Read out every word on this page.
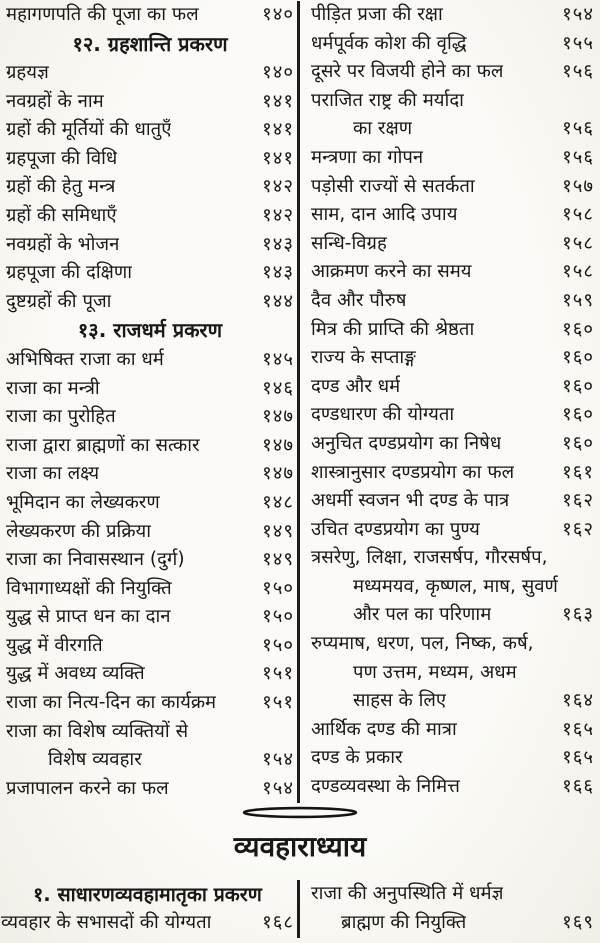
महागणपति की पूजा का फल	१४०
१२. ग्रहशान्ति प्रकरण
ग्रहयज्ञ	१४०
नवग्रहों के नाम	१४१
ग्रहों की मूर्तियों की धातुएँ	१४१
ग्रहपूजा की विधि	१४१
ग्रहों की हेतु मन्त्र	१४२
ग्रहों की समिधाएँ	१४२
नवग्रहों के भोजन	१४३
ग्रहपूजा की दक्षिणा	१४३
दुष्टग्रहों की पूजा	१४४
१३. राजधर्म प्रकरण
अभिषिक्त राजा का धर्म	१४५
राजा का मन्त्री	१४६
राजा का पुरोहित	१४७
राजा द्वारा ब्राह्मणों का सत्कार	१४७
राजा का लक्ष्य	१४७
भूमिदान का लेख्यकरण	१४८
लेख्यकरण की प्रक्रिया	१४९
राजा का निवासस्थान (दुर्ग)	१४९
विभागाध्यक्षों की नियुक्ति	१५०
युद्ध से प्राप्त धन का दान	१५०
युद्ध में वीरगति	१५०
युद्ध में अवध्य व्यक्ति	१५१
राजा का नित्य-दिन का कार्यक्रम १५१
राजा का विशेष व्यक्तियों से
विशेष व्यवहार	१५४
प्रजापालन करने का फल	१५४
पीड़ित प्रजा की रक्षा	१५४
धर्मपूर्वक कोश की वृद्धि	१५५
दूसरे पर विजयी होने का फल	१५६
पराजित राष्ट्र की मर्यादा
का रक्षण	१५६
मन्त्रणा का गोपन	१५६
पड़ोसी राज्यों से सतर्कता	१५७
साम, दान आदि उपाय	१५८
सन्धि-विग्रह	१५८
आक्रमण करने का समय	१५८
दैव और पौरुष	१५९
मित्र की प्राप्ति की श्रेष्ठता	१६०
राज्य के सप्ताङ्ग	१६०
दण्ड और धर्म	१६०
दण्डधारण की योग्यता	१६०
अनुचित दण्डप्रयोग का निषेध	१६०
शास्त्रानुसार दण्डप्रयोग का फल	१६१
अधर्मी स्वजन भी दण्ड के पात्र	१६२
उचित दण्डप्रयोग का पुण्य	१६२
त्रसरेणु, लिक्षा, राजसर्षप, गौरसर्षप,
मध्यमयव, कृष्णल, माष, सुवर्ण
और पल का परिणाम	१६३
रुप्यमाष, धरण, पल, निष्क, कर्ष,
पण उत्तम, मध्यम, अधम
साहस के लिए	१६४
आर्थिक दण्ड की मात्रा	१६५
दण्ड के प्रकार	१६५
दण्डव्यवस्था के निमित्त	१६६
व्यवहाराध्याय
१. साधारणव्यवहामातृका प्रकरण
व्यवहार के सभासदों की योग्यता	१६८
राजा की अनुपस्थिति में धर्मज्ञ
ब्राह्मण की नियुक्ति	१६९
